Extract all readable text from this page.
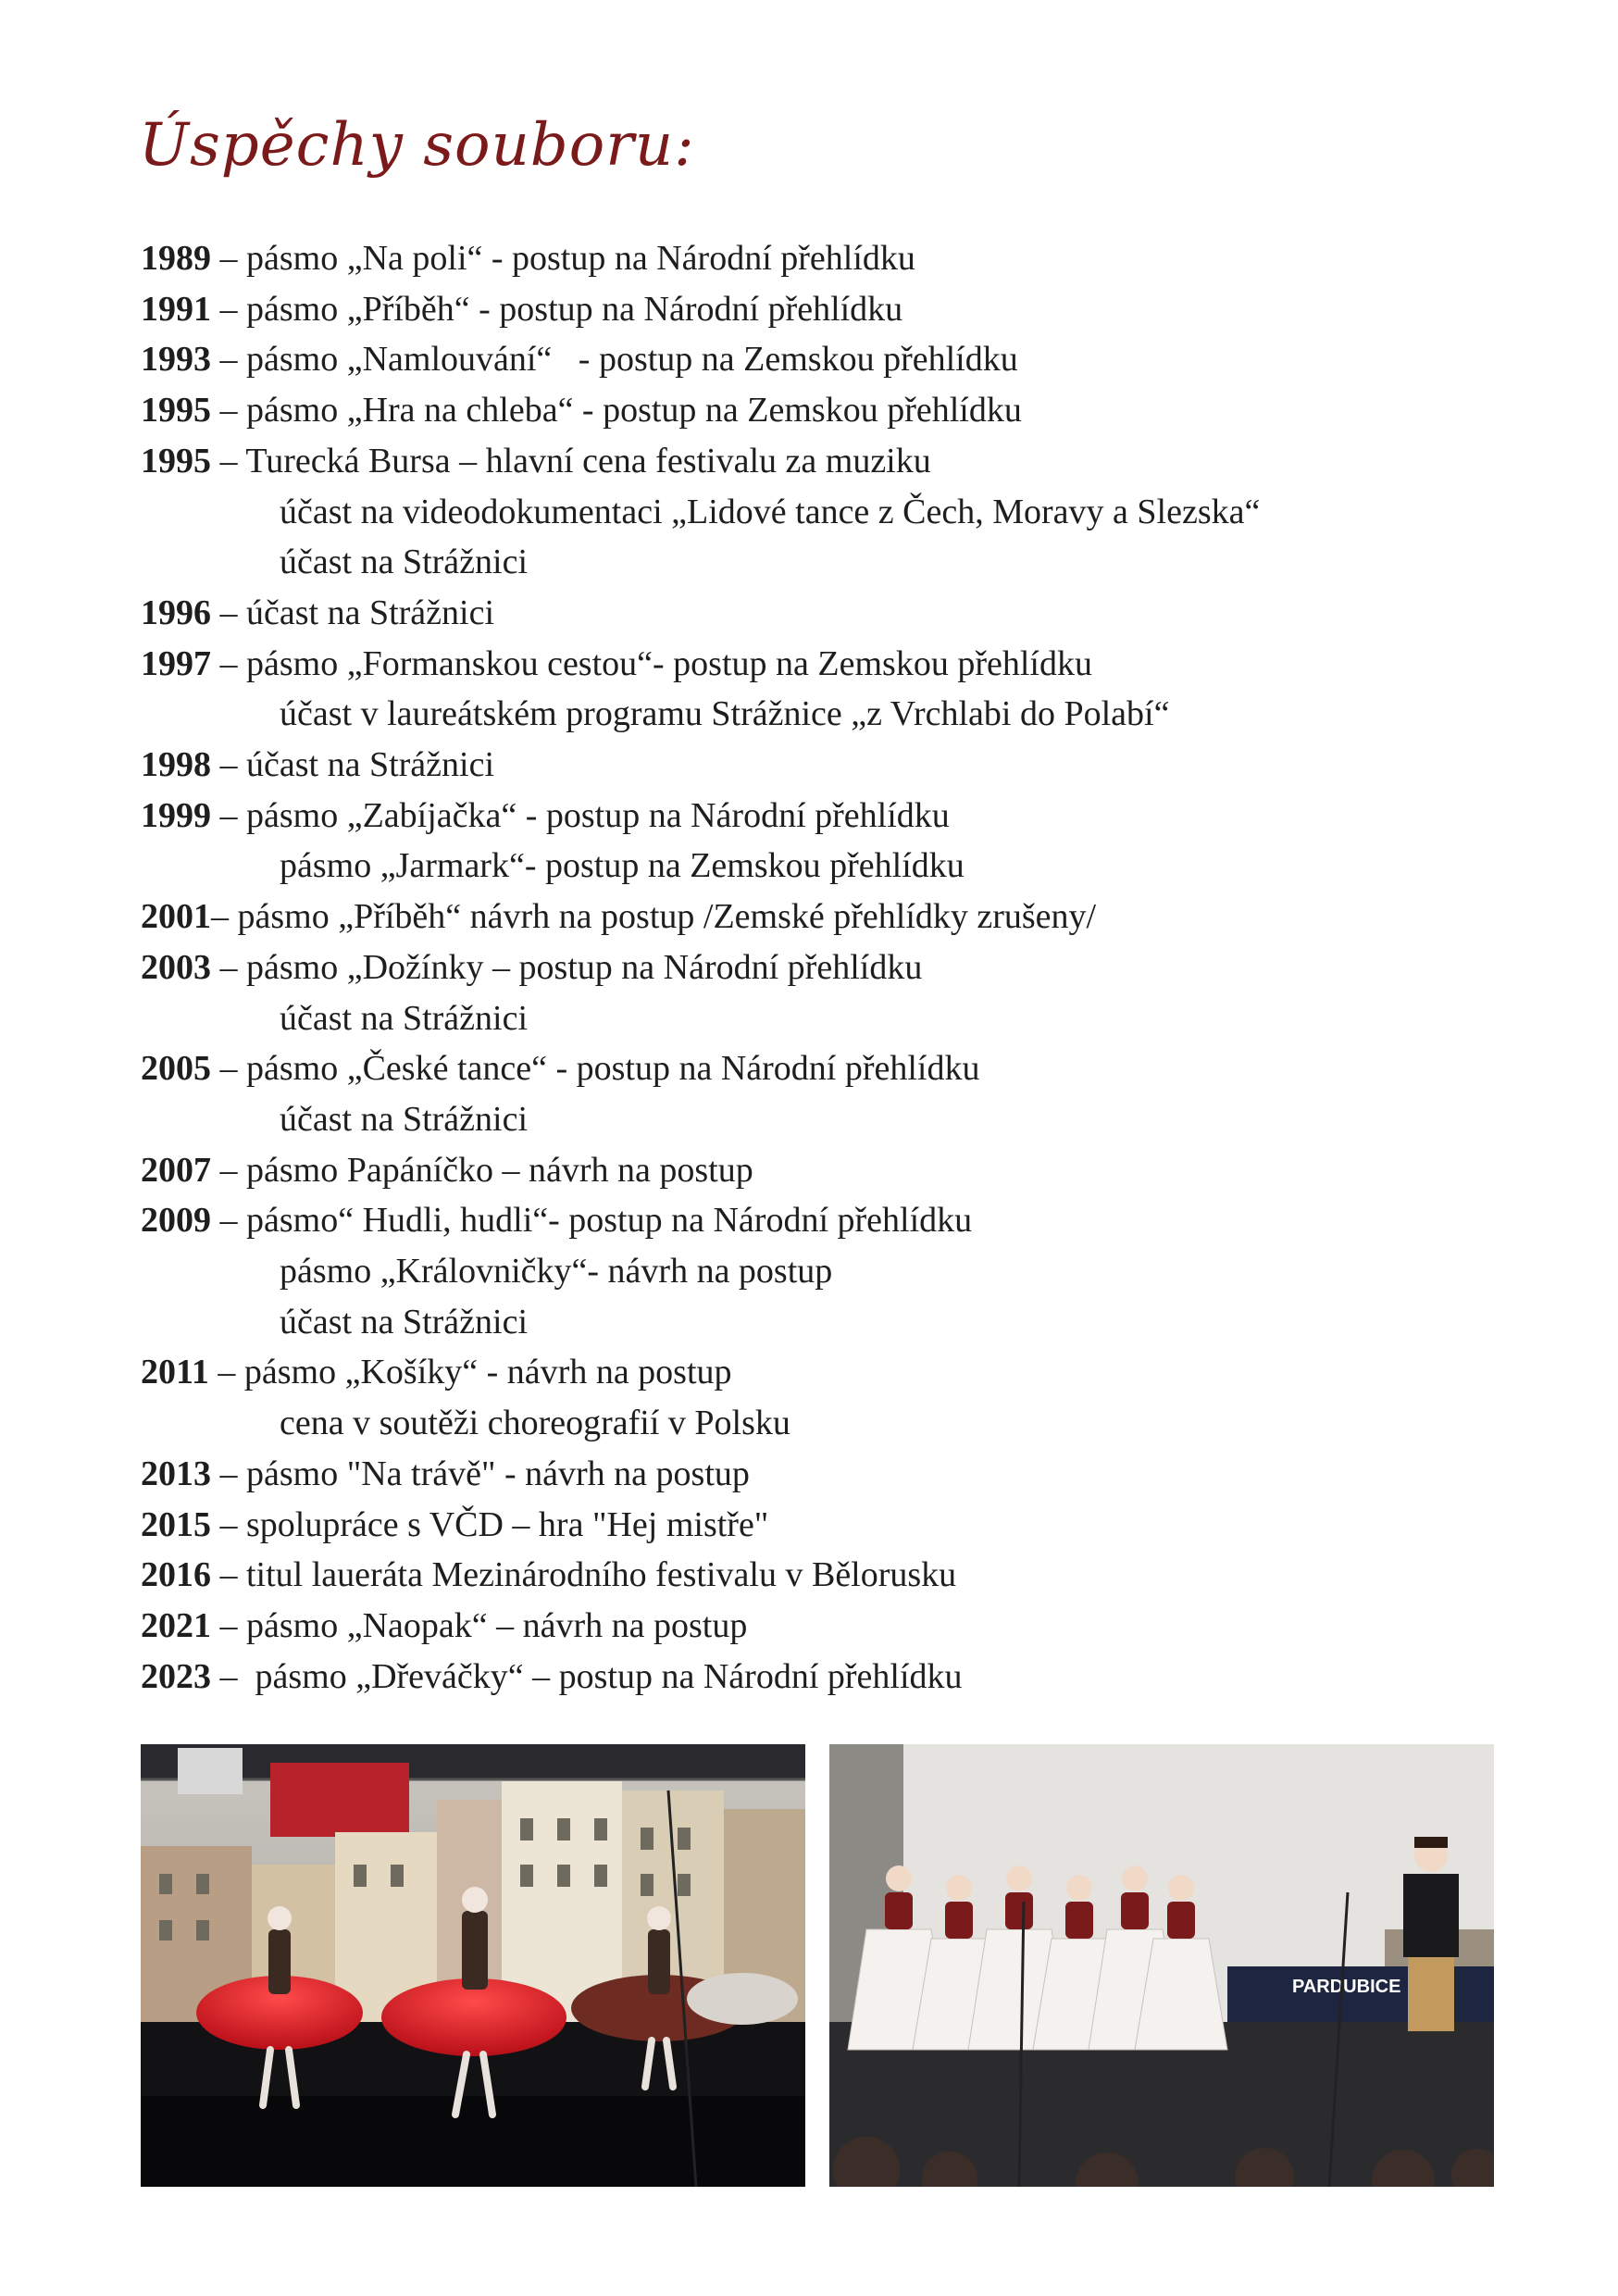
Úspěchy souboru:
1989 – pásmo „Na poli“ - postup na Národní přehlídku
1991 – pásmo „Příběh“ - postup na Národní přehlídku
1993 – pásmo „Namlouvání“   - postup na Zemskou přehlídku
1995 – pásmo „Hra na chleba“ - postup na Zemskou přehlídku
1995 – Turecká Bursa – hlavní cena festivalu za muziku
účast na videodokumentaci „Lidové tance z Čech, Moravy a Slezska“
účast na Strážnici
1996 – účast na Strážnici
1997 – pásmo „Formanskou cestou“- postup na Zemskou přehlídku
účast v laureátském programu Strážnice „z Vrchlabi do Polabí“
1998 – účast na Strážnici
1999 – pásmo „Zabíjačka“ - postup na Národní přehlídku
pásmo „Jarmark“- postup na Zemskou přehlídku
2001 – pásmo „Příběh“ návrh na postup /Zemské přehlídky zrušeny/
2003 – pásmo „Dožínky – postup na Národní přehlídku
účast na Strážnici
2005 – pásmo „České tance“ - postup na Národní přehlídku
účast na Strážnici
2007 – pásmo Papáníčko – návrh na postup
2009 – pásmo“ Hudli, hudli“- postup na Národní přehlídku
pásmo „Královničky“- návrh na postup
účast na Strážnici
2011 – pásmo „Košíky“ - návrh na postup
cena v soutěži choreografií v Polsku
2013 – pásmo "Na trávě" - návrh na postup
2015 – spolupráce s VČD – hra "Hej mistře"
2016 – titul laueráta Mezinárodního festivalu v Bělorusku
2021 – pásmo „Naopak“ – návrh na postup
2023 –  pásmo „Dřeváčky“ – postup na Národní přehlídku
PARDUBICE
